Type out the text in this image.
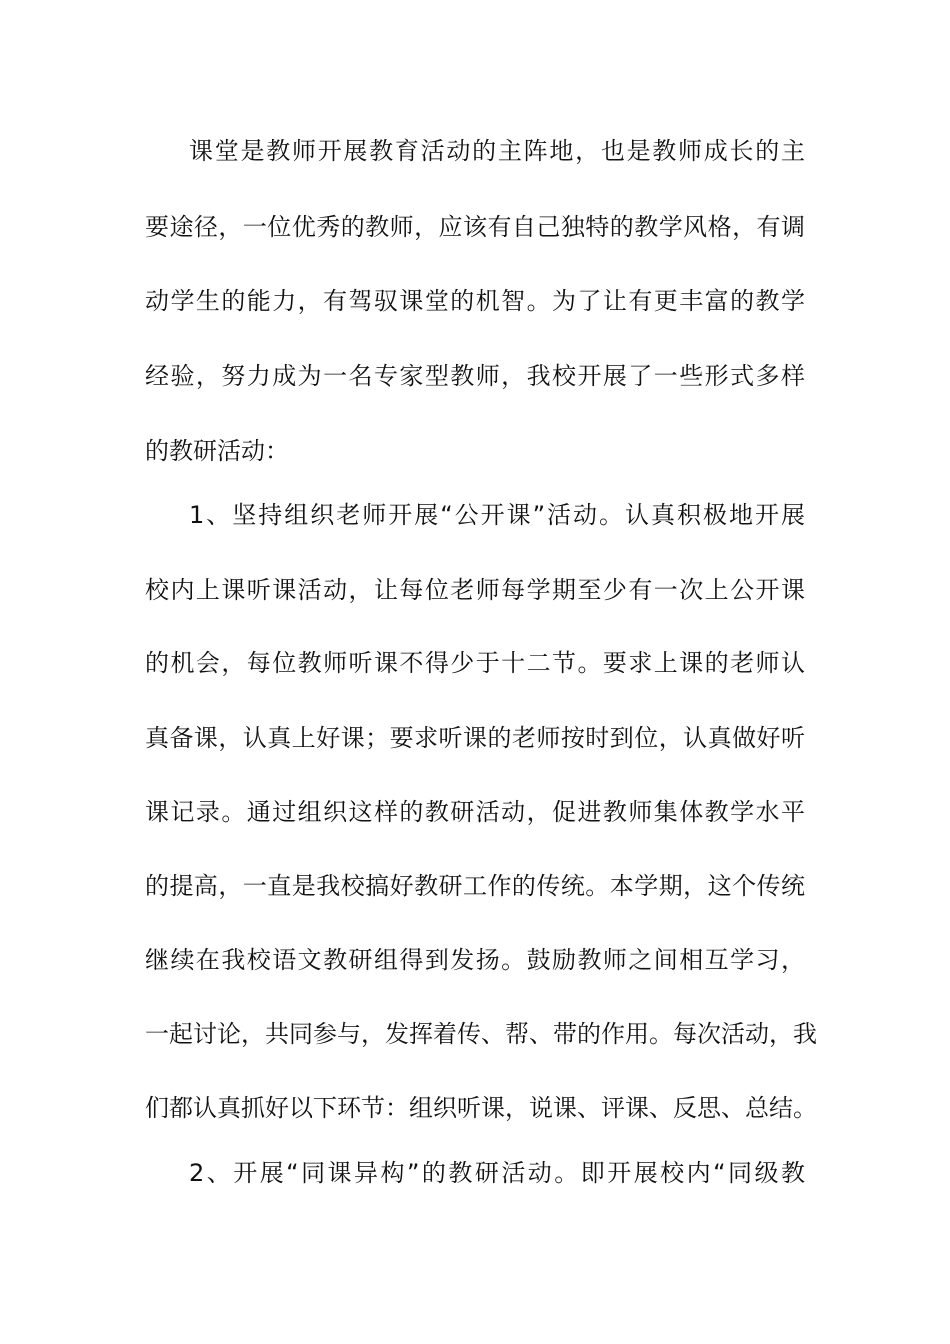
课堂是教师开展教育活动的主阵地，也是教师成长的主
要途径，一位优秀的教师，应该有自己独特的教学风格，有调
动学生的能力，有驾驭课堂的机智。为了让有更丰富的教学
经验，努力成为一名专家型教师，我校开展了一些形式多样
的教研活动：
1、坚持组织老师开展“公开课”活动。认真积极地开展
校内上课听课活动，让每位老师每学期至少有一次上公开课
的机会，每位教师听课不得少于十二节。要求上课的老师认
真备课，认真上好课；要求听课的老师按时到位，认真做好听
课记录。通过组织这样的教研活动，促进教师集体教学水平
的提高，一直是我校搞好教研工作的传统。本学期，这个传统
继续在我校语文教研组得到发扬。鼓励教师之间相互学习，
一起讨论，共同参与，发挥着传、帮、带的作用。每次活动，我
们都认真抓好以下环节：组织听课，说课、评课、反思、总结。
2、开展“同课异构”的教研活动。即开展校内“同级教
